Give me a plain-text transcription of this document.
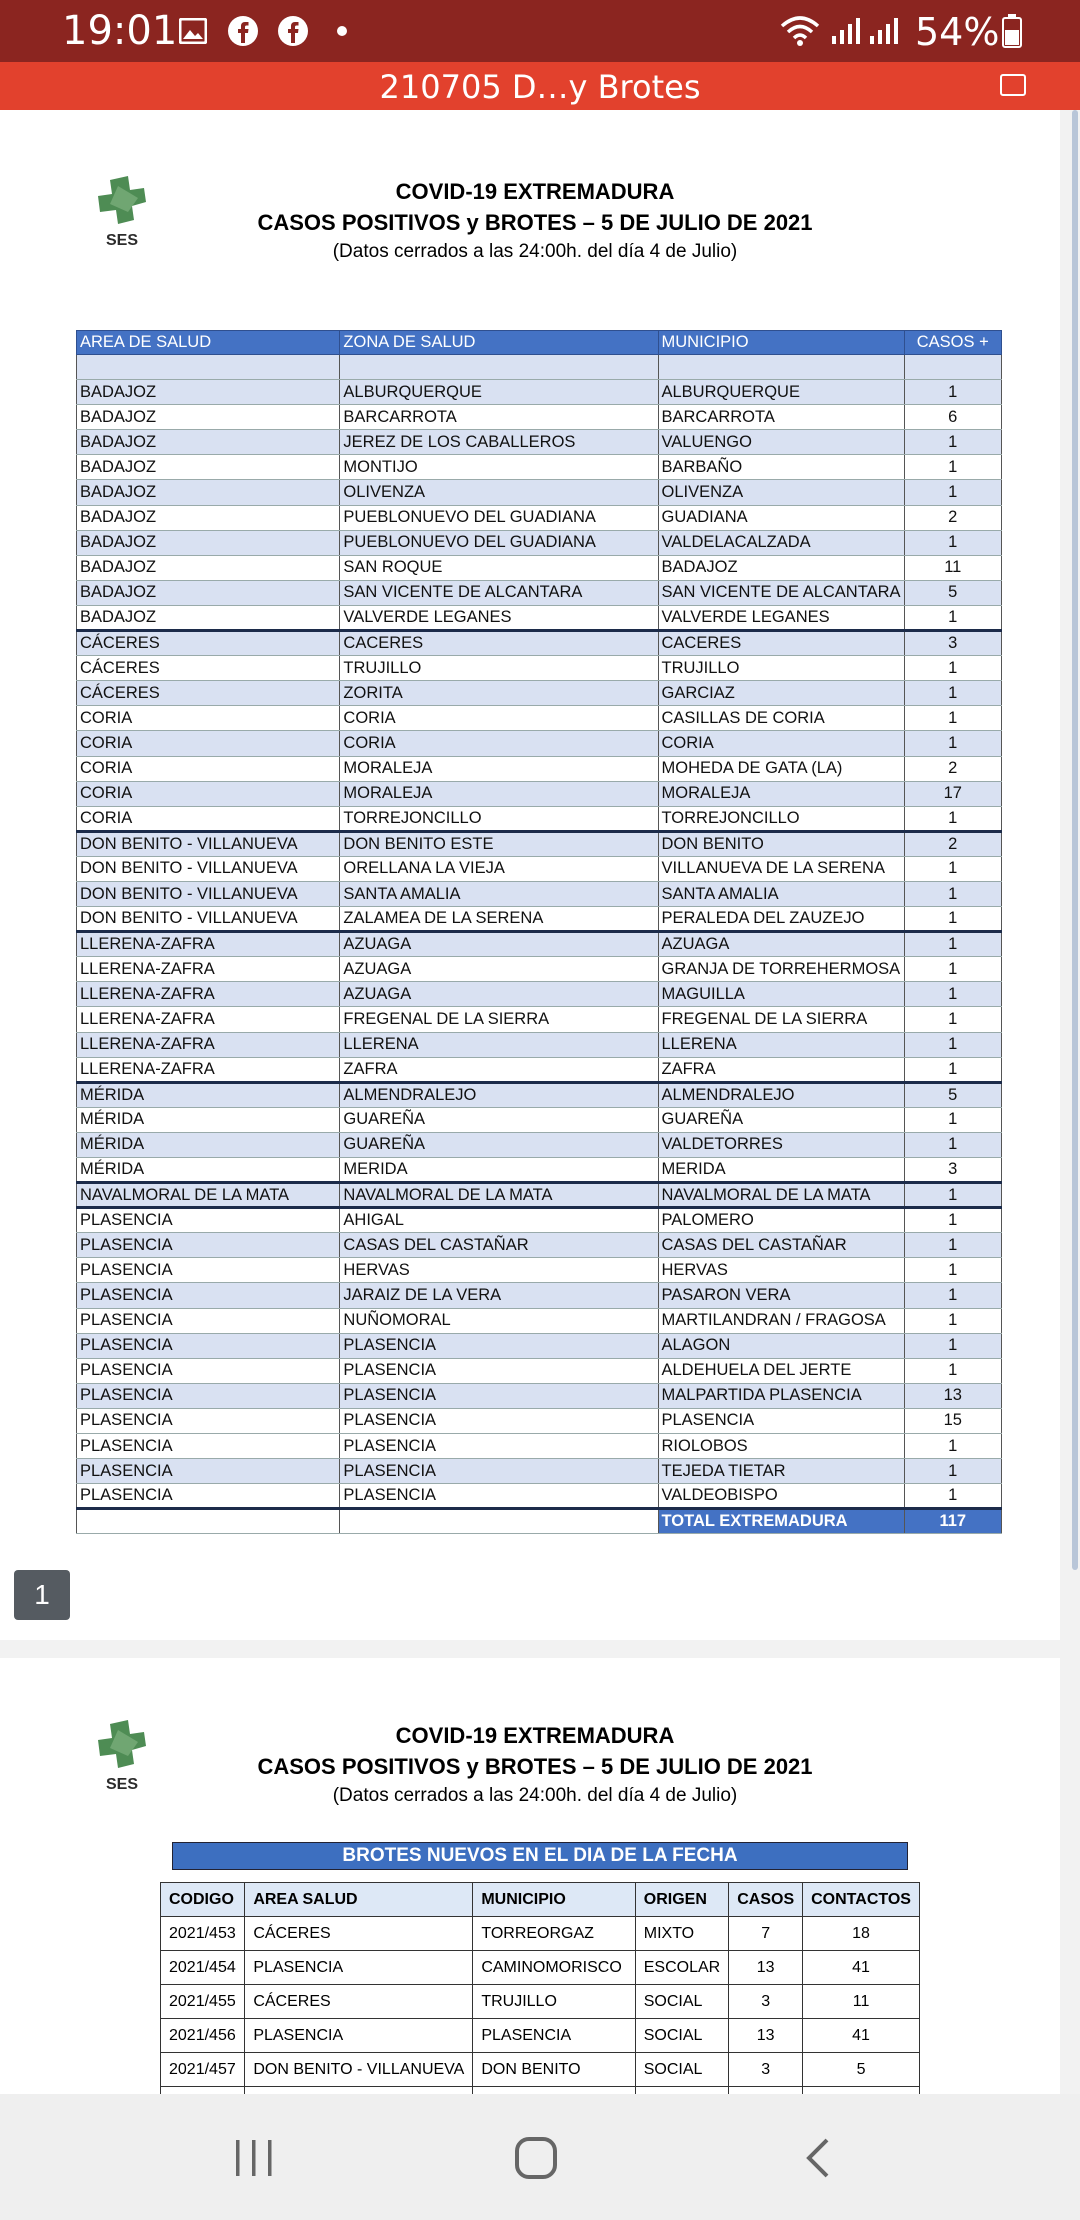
19:01	54%
210705 D…y Brotes
SES
COVID-19 EXTREMADURA
CASOS POSITIVOS y BROTES – 5 DE JULIO DE 2021
(Datos cerrados a las 24:00h. del día 4 de Julio)
AREA DE SALUD	ZONA DE SALUD	MUNICIPIO	CASOS +

BADAJOZ	ALBURQUERQUE	ALBURQUERQUE	1
BADAJOZ	BARCARROTA	BARCARROTA	6
BADAJOZ	JEREZ DE LOS CABALLEROS	VALUENGO	1
BADAJOZ	MONTIJO	BARBAÑO	1
BADAJOZ	OLIVENZA	OLIVENZA	1
BADAJOZ	PUEBLONUEVO DEL GUADIANA	GUADIANA	2
BADAJOZ	PUEBLONUEVO DEL GUADIANA	VALDELACALZADA	1
BADAJOZ	SAN ROQUE	BADAJOZ	11
BADAJOZ	SAN VICENTE DE ALCANTARA	SAN VICENTE DE ALCANTARA	5
BADAJOZ	VALVERDE LEGANES	VALVERDE LEGANES	1
CÁCERES	CACERES	CACERES	3
CÁCERES	TRUJILLO	TRUJILLO	1
CÁCERES	ZORITA	GARCIAZ	1
CORIA	CORIA	CASILLAS DE CORIA	1
CORIA	CORIA	CORIA	1
CORIA	MORALEJA	MOHEDA DE GATA (LA)	2
CORIA	MORALEJA	MORALEJA	17
CORIA	TORREJONCILLO	TORREJONCILLO	1
DON BENITO - VILLANUEVA	DON BENITO ESTE	DON BENITO	2
DON BENITO - VILLANUEVA	ORELLANA LA VIEJA	VILLANUEVA DE LA SERENA	1
DON BENITO - VILLANUEVA	SANTA AMALIA	SANTA AMALIA	1
DON BENITO - VILLANUEVA	ZALAMEA DE LA SERENA	PERALEDA DEL ZAUZEJO	1
LLERENA-ZAFRA	AZUAGA	AZUAGA	1
LLERENA-ZAFRA	AZUAGA	GRANJA DE TORREHERMOSA	1
LLERENA-ZAFRA	AZUAGA	MAGUILLA	1
LLERENA-ZAFRA	FREGENAL DE LA SIERRA	FREGENAL DE LA SIERRA	1
LLERENA-ZAFRA	LLERENA	LLERENA	1
LLERENA-ZAFRA	ZAFRA	ZAFRA	1
MÉRIDA	ALMENDRALEJO	ALMENDRALEJO	5
MÉRIDA	GUAREÑA	GUAREÑA	1
MÉRIDA	GUAREÑA	VALDETORRES	1
MÉRIDA	MERIDA	MERIDA	3
NAVALMORAL DE LA MATA	NAVALMORAL DE LA MATA	NAVALMORAL DE LA MATA	1
PLASENCIA	AHIGAL	PALOMERO	1
PLASENCIA	CASAS DEL CASTAÑAR	CASAS DEL CASTAÑAR	1
PLASENCIA	HERVAS	HERVAS	1
PLASENCIA	JARAIZ DE LA VERA	PASARON VERA	1
PLASENCIA	NUÑOMORAL	MARTILANDRAN / FRAGOSA	1
PLASENCIA	PLASENCIA	ALAGON	1
PLASENCIA	PLASENCIA	ALDEHUELA DEL JERTE	1
PLASENCIA	PLASENCIA	MALPARTIDA PLASENCIA	13
PLASENCIA	PLASENCIA	PLASENCIA	15
PLASENCIA	PLASENCIA	RIOLOBOS	1
PLASENCIA	PLASENCIA	TEJEDA TIETAR	1
PLASENCIA	PLASENCIA	VALDEOBISPO	1
		TOTAL EXTREMADURA	117
1
SES
COVID-19 EXTREMADURA
CASOS POSITIVOS y BROTES – 5 DE JULIO DE 2021
(Datos cerrados a las 24:00h. del día 4 de Julio)
BROTES NUEVOS EN EL DIA DE LA FECHA
CODIGO	AREA SALUD	MUNICIPIO	ORIGEN	CASOS	CONTACTOS
2021/453	CÁCERES	TORREORGAZ	MIXTO	7	18
2021/454	PLASENCIA	CAMINOMORISCO	ESCOLAR	13	41
2021/455	CÁCERES	TRUJILLO	SOCIAL	3	11
2021/456	PLASENCIA	PLASENCIA	SOCIAL	13	41
2021/457	DON BENITO - VILLANUEVA	DON BENITO	SOCIAL	3	5
